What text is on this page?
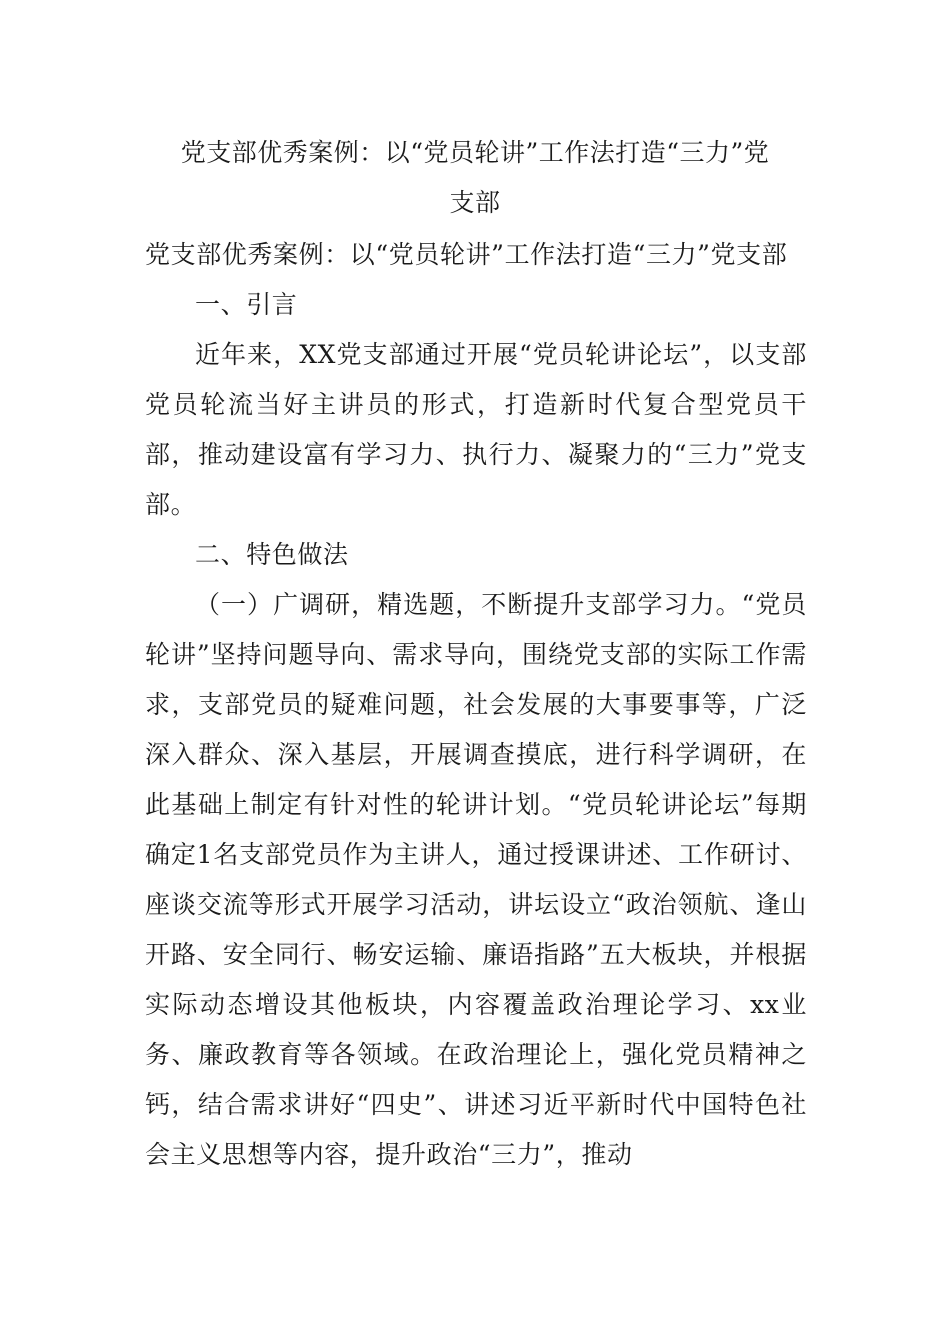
党支部优秀案例：以“党员轮讲”工作法打造“三力”党
支部

党支部优秀案例：以“党员轮讲”工作法打造“三力”党支部

一、引言

近年来，XX党支部通过开展“党员轮讲论坛”，以支部党员轮流当好主讲员的形式，打造新时代复合型党员干部，推动建设富有学习力、执行力、凝聚力的“三力”党支部。

二、特色做法

（一）广调研，精选题，不断提升支部学习力。“党员轮讲”坚持问题导向、需求导向，围绕党支部的实际工作需求，支部党员的疑难问题，社会发展的大事要事等，广泛深入群众、深入基层，开展调查摸底，进行科学调研，在此基础上制定有针对性的轮讲计划。“党员轮讲论坛”每期确定1名支部党员作为主讲人，通过授课讲述、工作研讨、座谈交流等形式开展学习活动，讲坛设立“政治领航、逢山开路、安全同行、畅安运输、廉语指路”五大板块，并根据实际动态增设其他板块，内容覆盖政治理论学习、xx业务、廉政教育等各领域。在政治理论上，强化党员精神之钙，结合需求讲好“四史”、讲述习近平新时代中国特色社会主义思想等内容，提升政治“三力”，推动
